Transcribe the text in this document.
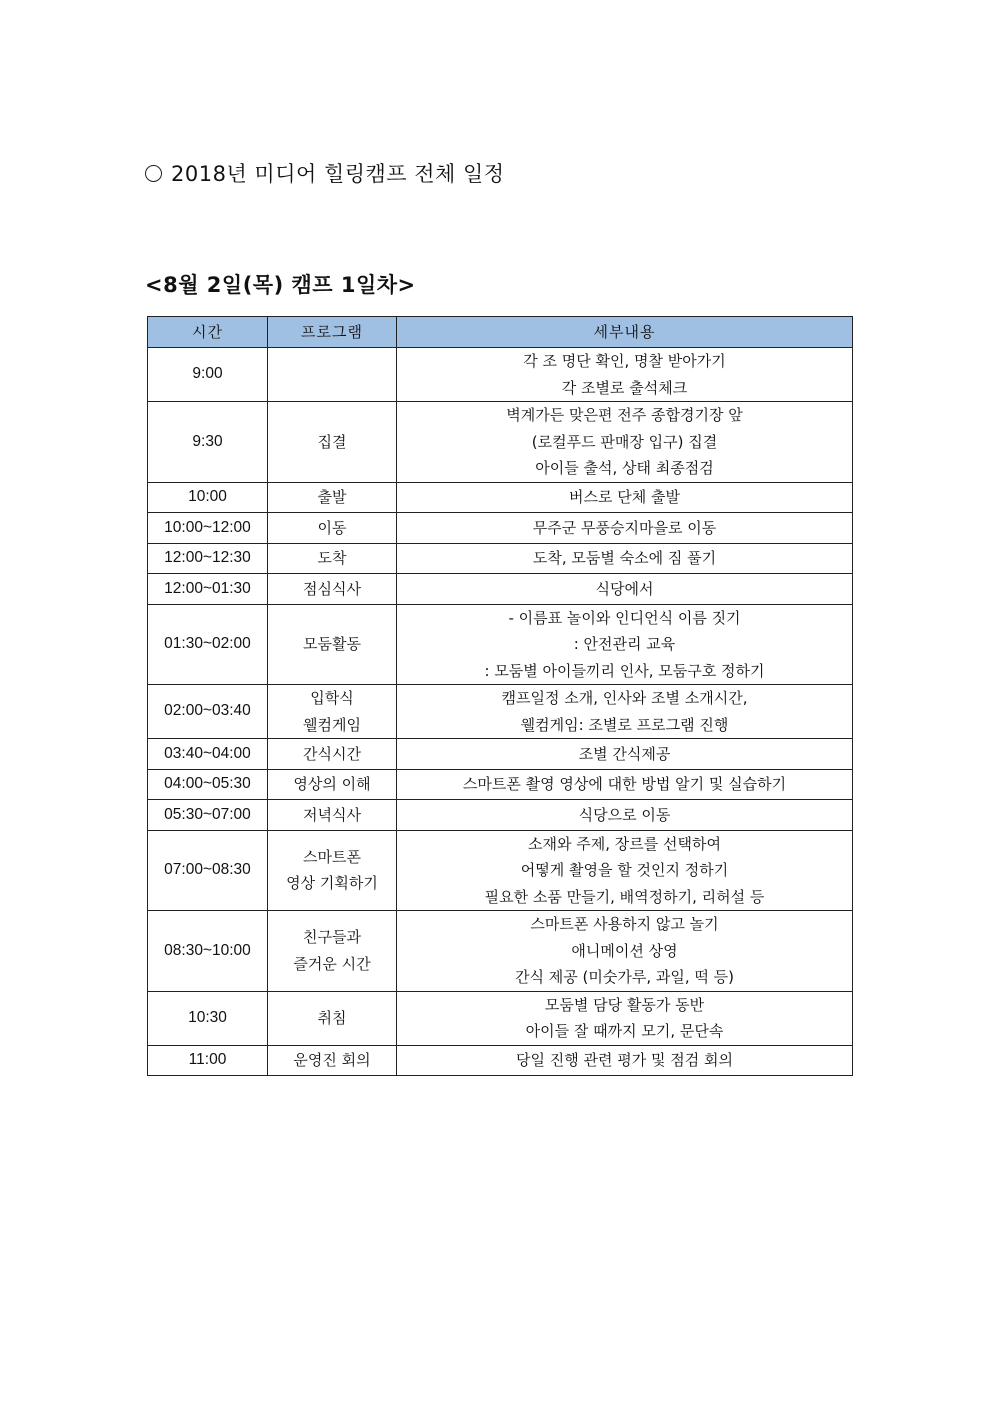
2018년 미디어 힐링캠프 전체 일정
<8월 2일(목) 캠프 1일차>
시간	프로그램	세부내용
9:00		각 조 명단 확인, 명찰 받아가기
각 조별로 출석체크

9:30	집결	벽계가든 맞은편 전주 종합경기장 앞
(로컬푸드 판매장 입구) 집결
아이들 출석, 상태 최종점검

10:00	출발	버스로 단체 출발

10:00~12:00	이동	무주군 무풍승지마을로 이동

12:00~12:30	도착	도착, 모둠별 숙소에 짐 풀기

12:00~01:30	점심식사	식당에서

01:30~02:00	모둠활동	- 이름표 놀이와 인디언식 이름 짓기
: 안전관리 교육
: 모둠별 아이들끼리 인사, 모둠구호 정하기

02:00~03:40	입학식
웰컴게임	캠프일정 소개, 인사와 조별 소개시간,
웰컴게임: 조별로 프로그램 진행

03:40~04:00	간식시간	조별 간식제공

04:00~05:30	영상의 이해	스마트폰 촬영 영상에 대한 방법 알기 및 실습하기

05:30~07:00	저녁식사	식당으로 이동

07:00~08:30	스마트폰
영상 기획하기	소재와 주제, 장르를 선택하여
어떻게 촬영을 할 것인지 정하기
필요한 소품 만들기, 배역정하기, 리허설 등

08:30~10:00	친구들과
즐거운 시간	스마트폰 사용하지 않고 놀기
애니메이션 상영
간식 제공 (미숫가루, 과일, 떡 등)

10:30	취침	모둠별 담당 활동가 동반
아이들 잘 때까지 모기, 문단속

11:00	운영진 회의	당일 진행 관련 평가 및 점검 회의
